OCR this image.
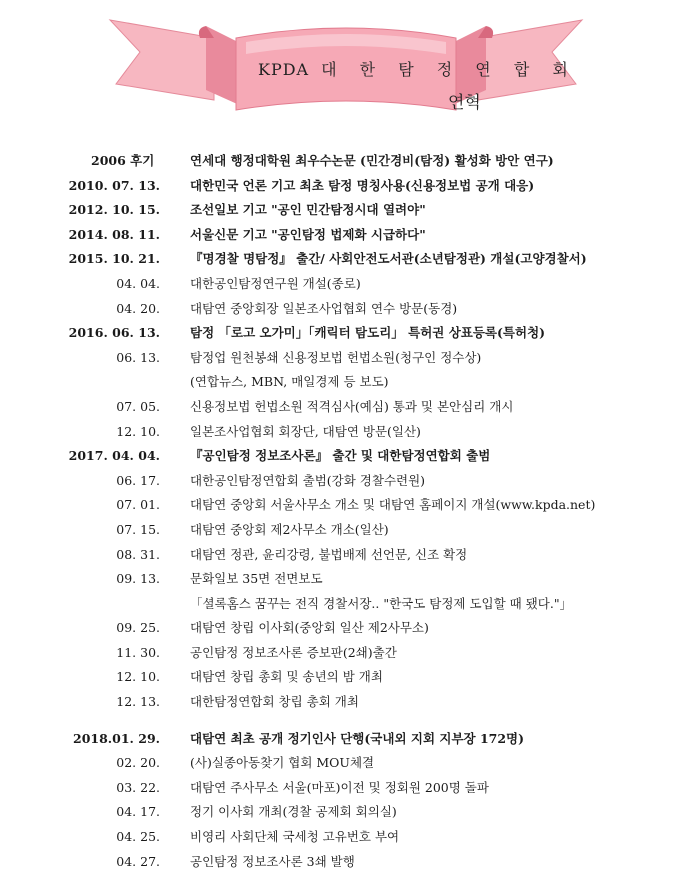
KPDA 대 한 탐 정 연 합 회
연혁
2006 후기	연세대 행정대학원 최우수논문 (민간경비(탐정) 활성화 방안 연구)
2010. 07. 13. 대한민국 언론 기고 최초 탐정 명칭사용(신용정보법 공개 대응)
2012. 10. 15. 조선일보 기고 "공인 민간탐정시대 열려야"
2014. 08. 11. 서울신문 기고 "공인탐정 법제화 시급하다"
2015. 10. 21. 『명경찰 명탐정』 출간/ 사회안전도서관(소년탐정관) 개설(고양경찰서)
04. 04. 대한공인탐정연구원 개설(종로)
04. 20. 대탐연 중앙회장 일본조사업협회 연수 방문(동경)
2016. 06. 13. 탐정 「로고 오가미」「캐릭터 탐도리」 특허권 상표등록(특허청)
06. 13. 탐정업 원천봉쇄 신용정보법 헌법소원(청구인 정수상)
(연합뉴스, MBN, 매일경제 등 보도)
07. 05. 신용정보법 헌법소원 적격심사(예심) 통과 및 본안심리 개시
12. 10. 일본조사업협회 회장단, 대탐연 방문(일산)
2017. 04. 04. 『공인탐정 정보조사론』 출간 및 대한탐정연합회 출범
06. 17. 대한공인탐정연합회 출범(강화 경찰수련원)
07. 01. 대탐연 중앙회 서울사무소 개소 및 대탐연 홈페이지 개설(www.kpda.net)
07. 15. 대탐연 중앙회 제2사무소 개소(일산)
08. 31. 대탐연 정관, 윤리강령, 불법배제 선언문, 신조 확정
09. 13. 문화일보 35면 전면보도
「셜록홈스 꿈꾸는 전직 경찰서장.. "한국도 탐정제 도입할 때 됐다."」
09. 25. 대탐연 창립 이사회(중앙회 일산 제2사무소)
11. 30. 공인탐정 정보조사론 증보판(2쇄)출간
12. 10. 대탐연 창립 총회 및 송년의 밤 개최
12. 13. 대한탐정연합회 창립 총회 개최
2018.01. 29. 대탐연 최초 공개 정기인사 단행(국내외 지회 지부장 172명)
02. 20. (사)실종아동찾기 협회 MOU체결
03. 22. 대탐연 주사무소 서울(마포)이전 및 정회원 200명 돌파
04. 17. 정기 이사회 개최(경찰 공제회 회의실)
04. 25. 비영리 사회단체 국세청 고유번호 부여
04. 27. 공인탐정 정보조사론 3쇄 발행
